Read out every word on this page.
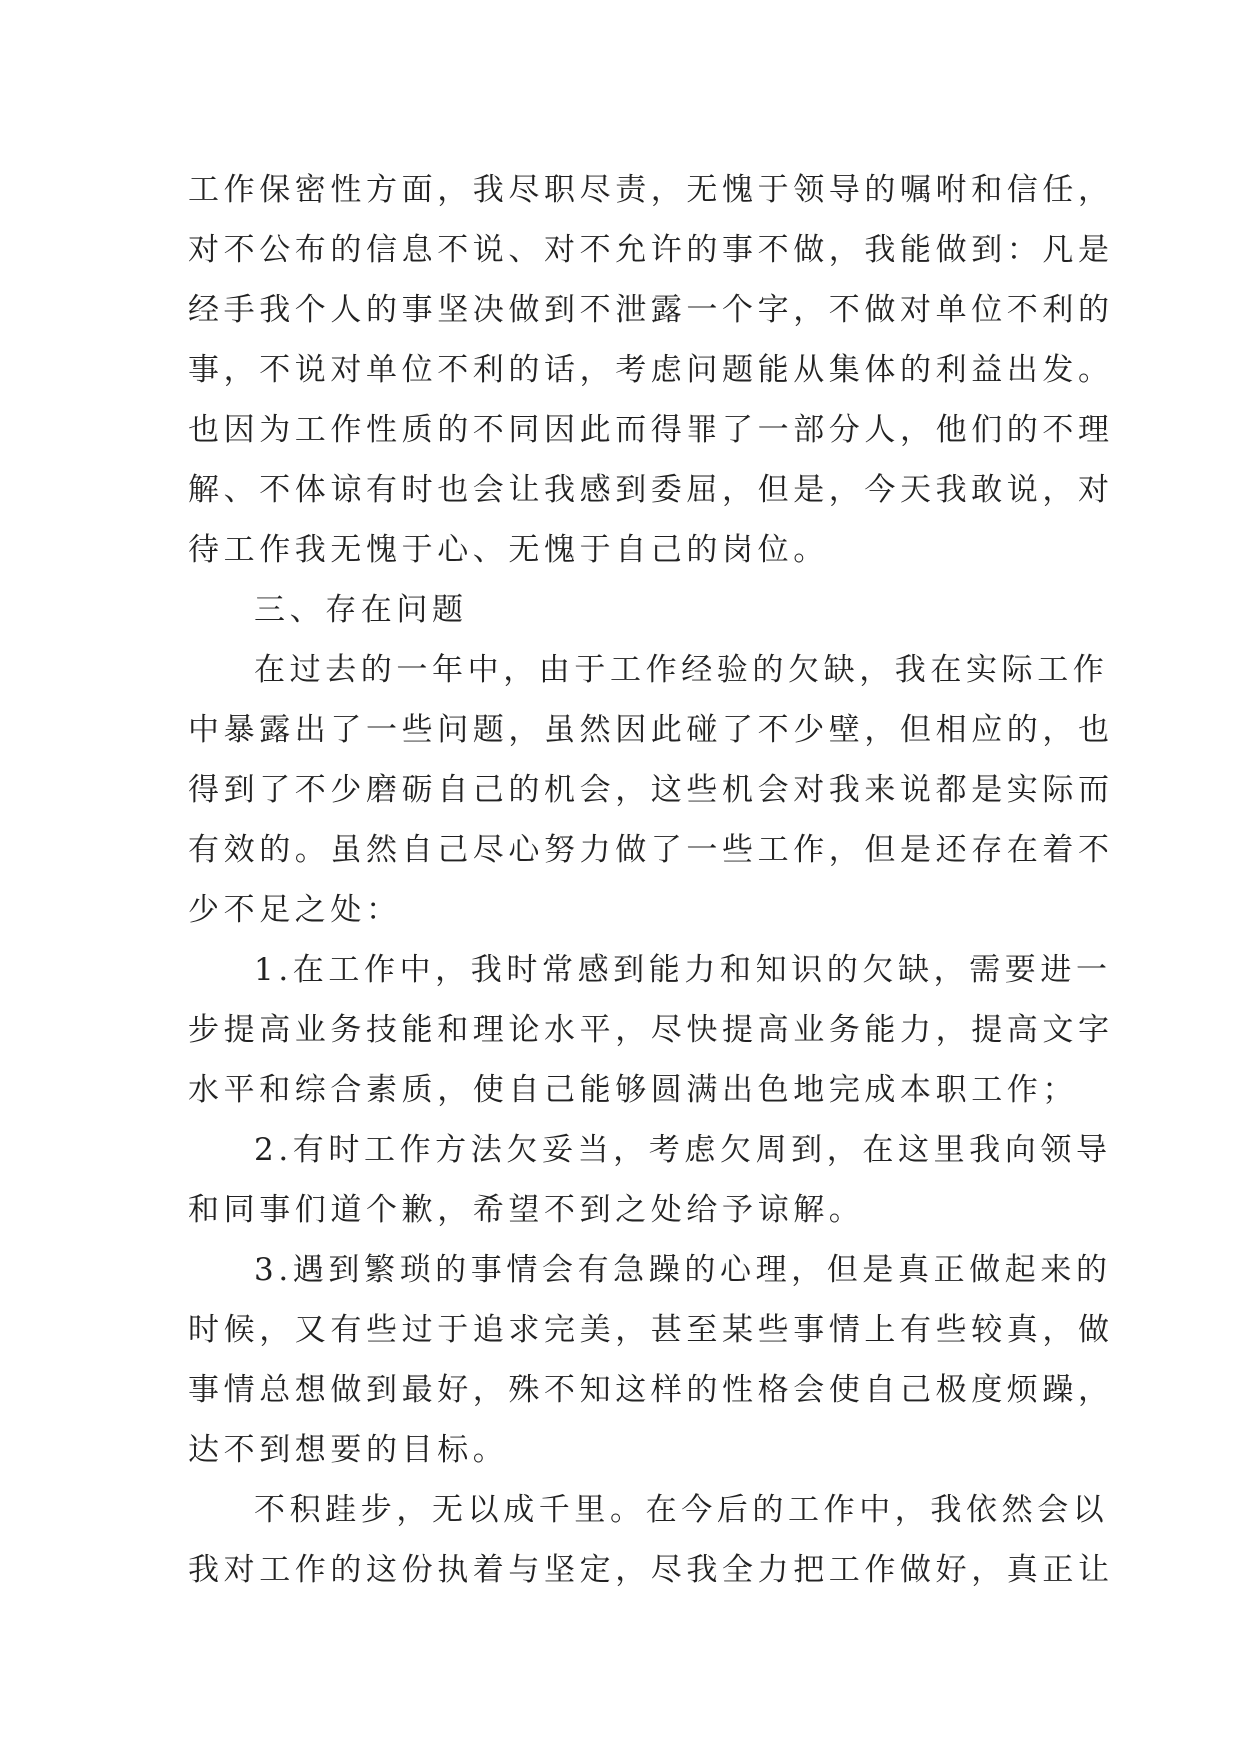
工作保密性方面，我尽职尽责，无愧于领导的嘱咐和信任，
对不公布的信息不说、对不允许的事不做，我能做到：凡是
经手我个人的事坚决做到不泄露一个字，不做对单位不利的
事，不说对单位不利的话，考虑问题能从集体的利益出发。
也因为工作性质的不同因此而得罪了一部分人，他们的不理
解、不体谅有时也会让我感到委屈，但是，今天我敢说，对
待工作我无愧于心、无愧于自己的岗位。
三、存在问题
在过去的一年中，由于工作经验的欠缺，我在实际工作
中暴露出了一些问题，虽然因此碰了不少壁，但相应的，也
得到了不少磨砺自己的机会，这些机会对我来说都是实际而
有效的。虽然自己尽心努力做了一些工作，但是还存在着不
少不足之处：
1.在工作中，我时常感到能力和知识的欠缺，需要进一
步提高业务技能和理论水平，尽快提高业务能力，提高文字
水平和综合素质，使自己能够圆满出色地完成本职工作；
2.有时工作方法欠妥当，考虑欠周到，在这里我向领导
和同事们道个歉，希望不到之处给予谅解。
3.遇到繁琐的事情会有急躁的心理，但是真正做起来的
时候，又有些过于追求完美，甚至某些事情上有些较真，做
事情总想做到最好，殊不知这样的性格会使自己极度烦躁，
达不到想要的目标。
不积跬步，无以成千里。在今后的工作中，我依然会以
我对工作的这份执着与坚定，尽我全力把工作做好，真正让
